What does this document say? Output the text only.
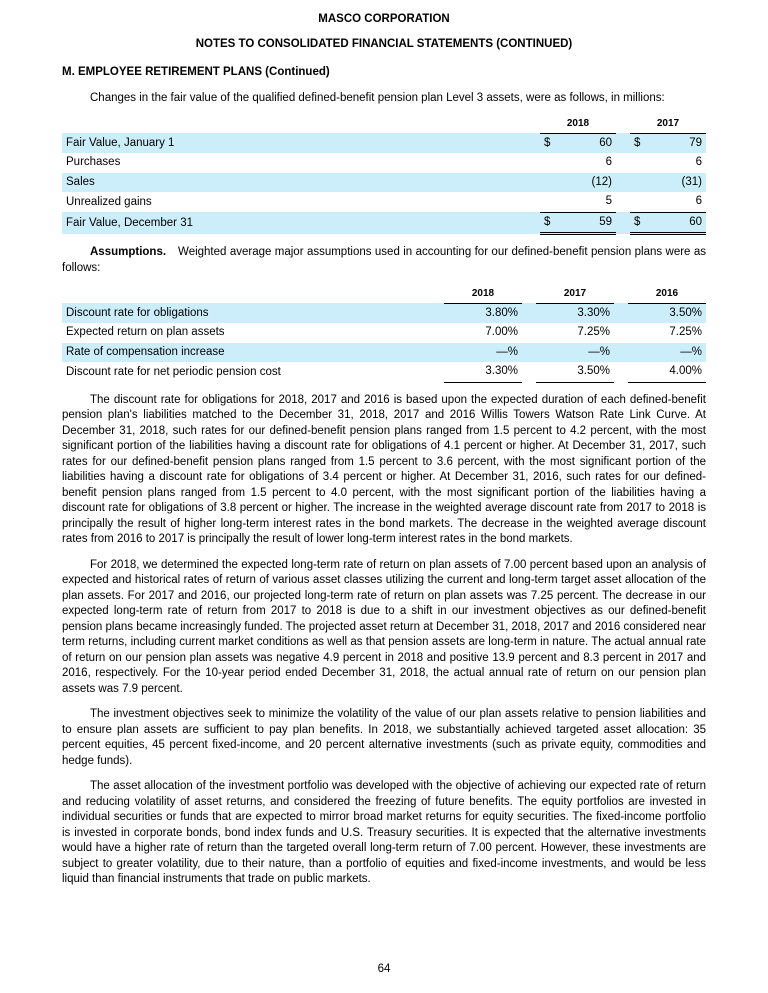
MASCO CORPORATION
NOTES TO CONSOLIDATED FINANCIAL STATEMENTS (CONTINUED)
M. EMPLOYEE RETIREMENT PLANS (Continued)

Changes in the fair value of the qualified defined-benefit pension plan Level 3 assets, were as follows, in millions:

	2018			2017	
Fair Value, January 1	$	60		$	79
Purchases		6			6
Sales		(12)			(31)
Unrealized gains		5			6
Fair Value, December 31	$	59		$	60

Assumptions. Weighted average major assumptions used in accounting for our defined-benefit pension plans were as follows:

	2018		2017		2016
Discount rate for obligations	3.80%		3.30%		3.50%
Expected return on plan assets	7.00%		7.25%		7.25%
Rate of compensation increase	—%		—%		—%
Discount rate for net periodic pension cost	3.30%		3.50%		4.00%

The discount rate for obligations for 2018, 2017 and 2016 is based upon the expected duration of each defined-benefit pension plan's liabilities matched to the December 31, 2018, 2017 and 2016 Willis Towers Watson Rate Link Curve. At December 31, 2018, such rates for our defined-benefit pension plans ranged from 1.5 percent to 4.2 percent, with the most significant portion of the liabilities having a discount rate for obligations of 4.1 percent or higher. At December 31, 2017, such rates for our defined-benefit pension plans ranged from 1.5 percent to 3.6 percent, with the most significant portion of the liabilities having a discount rate for obligations of 3.4 percent or higher. At December 31, 2016, such rates for our defined-benefit pension plans ranged from 1.5 percent to 4.0 percent, with the most significant portion of the liabilities having a discount rate for obligations of 3.8 percent or higher. The increase in the weighted average discount rate from 2017 to 2018 is principally the result of higher long-term interest rates in the bond markets. The decrease in the weighted average discount rates from 2016 to 2017 is principally the result of lower long-term interest rates in the bond markets.

For 2018, we determined the expected long-term rate of return on plan assets of 7.00 percent based upon an analysis of expected and historical rates of return of various asset classes utilizing the current and long-term target asset allocation of the plan assets. For 2017 and 2016, our projected long-term rate of return on plan assets was 7.25 percent. The decrease in our expected long-term rate of return from 2017 to 2018 is due to a shift in our investment objectives as our defined-benefit pension plans became increasingly funded. The projected asset return at December 31, 2018, 2017 and 2016 considered near term returns, including current market conditions as well as that pension assets are long-term in nature. The actual annual rate of return on our pension plan assets was negative 4.9 percent in 2018 and positive 13.9 percent and 8.3 percent in 2017 and 2016, respectively. For the 10-year period ended December 31, 2018, the actual annual rate of return on our pension plan assets was 7.9 percent.

The investment objectives seek to minimize the volatility of the value of our plan assets relative to pension liabilities and to ensure plan assets are sufficient to pay plan benefits. In 2018, we substantially achieved targeted asset allocation: 35 percent equities, 45 percent fixed-income, and 20 percent alternative investments (such as private equity, commodities and hedge funds).

The asset allocation of the investment portfolio was developed with the objective of achieving our expected rate of return and reducing volatility of asset returns, and considered the freezing of future benefits. The equity portfolios are invested in individual securities or funds that are expected to mirror broad market returns for equity securities. The fixed-income portfolio is invested in corporate bonds, bond index funds and U.S. Treasury securities. It is expected that the alternative investments would have a higher rate of return than the targeted overall long-term return of 7.00 percent. However, these investments are subject to greater volatility, due to their nature, than a portfolio of equities and fixed-income investments, and would be less liquid than financial instruments that trade on public markets.

64
